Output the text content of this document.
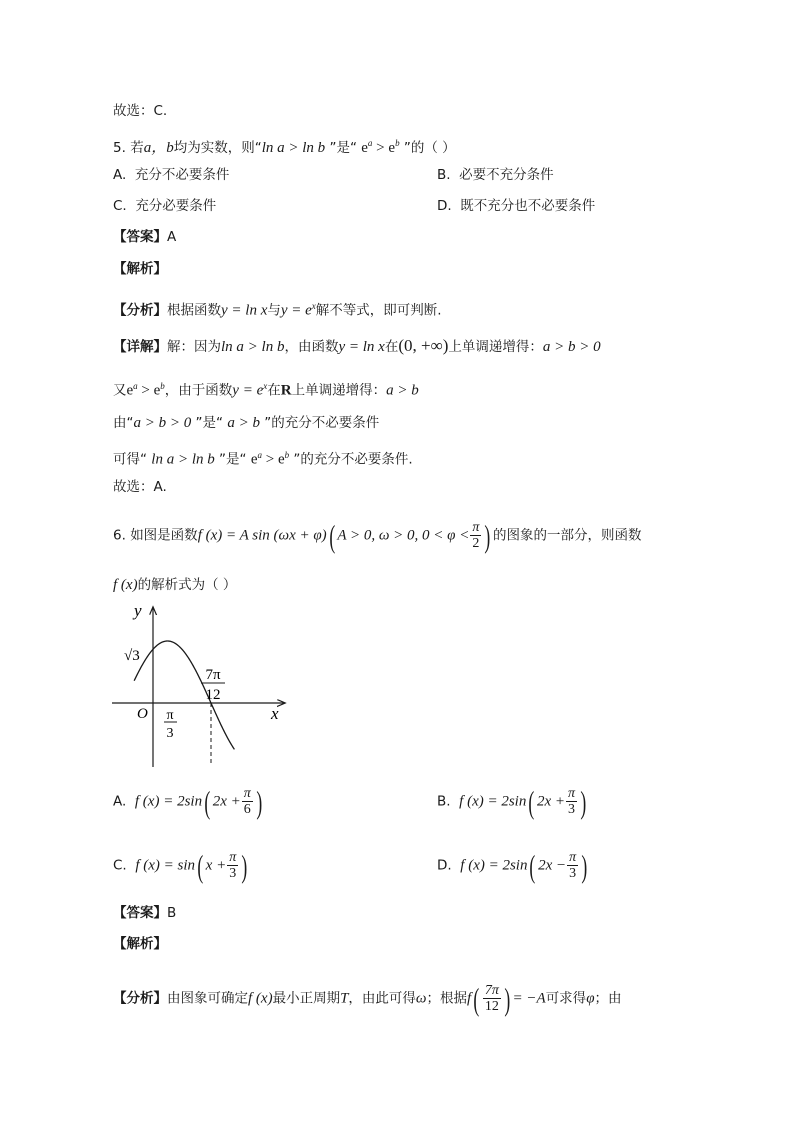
故选：C.
5. 若a，b均为实数，则“ln a > ln b ”是“ $e^a > e^b$ ”的（ ）
A. 充分不必要条件	B. 必要不充分条件
C. 充分必要条件	D. 既不充分也不必要条件
【答案】A
【解析】
【分析】根据函数y = ln x与$y = e^x$解不等式，即可判断.
【详解】解：因为ln a > ln b，由函数y = ln x在(0, +∞)上单调递增得：a > b > 0
又$e^a > e^b$，由于函数$y = e^x$在R上单调递增得：a > b
由“a > b > 0 ”是“ a > b ”的充分不必要条件
可得“ ln a > ln b ”是“ $e^a > e^b$ ”的充分不必要条件.
故选：A.
6. 如图是函数f (x) = A sin (ωx + φ)( A > 0, ω > 0, $0 < \varphi < \frac{\pi}{2}$ ) 的图象的一部分，则函数
f (x)的解析式为（ ）
y
x
O
√3
π
3
7π
12
A. f (x) = 2sin( $2x + \frac{\pi}{6}$ )	B. f (x) = 2sin( $2x + \frac{\pi}{3}$ )
C. f (x) = sin( $x + \frac{\pi}{3}$ )	D. f (x) = 2sin( $2x - \frac{\pi}{3}$ )
【答案】B
【解析】
【分析】由图象可确定f (x)最小正周期T，由此可得ω；根据$f( \frac{7\pi}{12}$ ) = −A可求得φ；由
